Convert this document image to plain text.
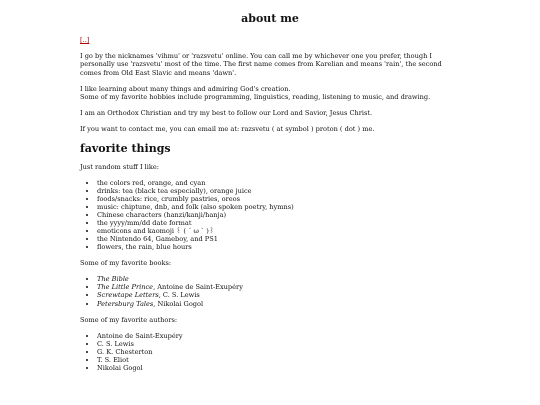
about me

[..]

I go by the nicknames 'vihmu' or 'razsvetu' online. You can call me by whichever one you prefer, though I personally use 'razsvetu' most of the time. The first name comes from Karelian and means 'rain', the second comes from Old East Slavic and means 'dawn'.

I like learning about many things and admiring God's creation.
Some of my favorite hobbies include programming, linguistics, reading, listening to music, and drawing.

I am an Orthodox Christian and try my best to follow our Lord and Savior, Jesus Christ.

If you want to contact me, you can email me at: razsvetu ( at symbol ) proton ( dot ) me.

favorite things

Just random stuff I like:

• the colors red, orange, and cyan
• drinks: tea (black tea especially), orange juice
• foods/snacks: rice, crumbly pastries, oreos
• music: chiptune, dnb, and folk (also spoken poetry, hymns)
• Chinese characters (hanzi/kanji/hanja)
• the yyyy/mm/dd date format
• emoticons and kaomoji ꒰ ( ´ ω ` )꒱
• the Nintendo 64, Gameboy, and PS1
• flowers, the rain, blue hours

Some of my favorite books:

• The Bible
• The Little Prince, Antoine de Saint-Exupéry
• Screwtape Letters, C. S. Lewis
• Petersburg Tales, Nikolai Gogol

Some of my favorite authors:

• Antoine de Saint-Exupéry
• C. S. Lewis
• G. K. Chesterton
• T. S. Eliot
• Nikolai Gogol
